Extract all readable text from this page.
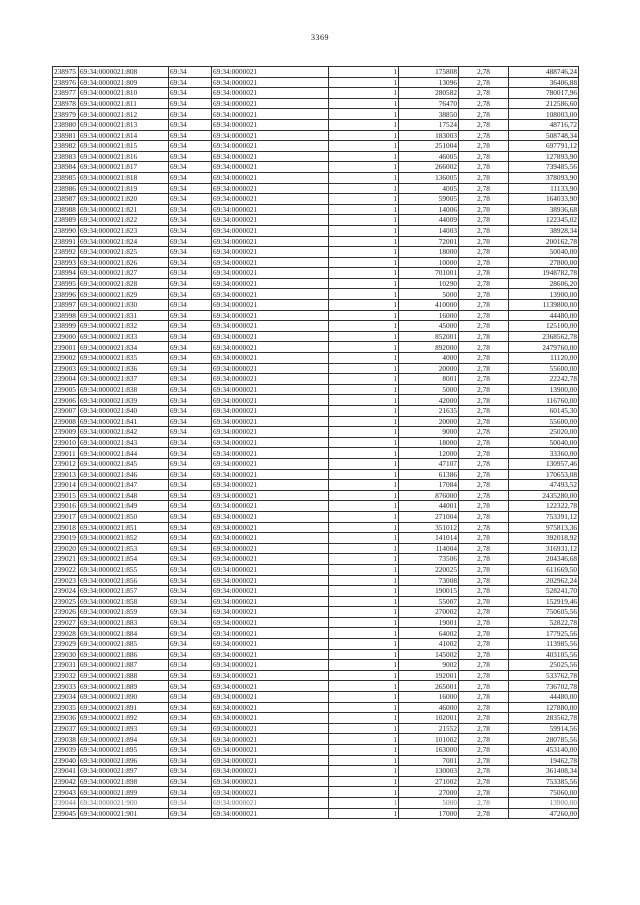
3369
238975	69:34:0000021:808	69:34	69:34:0000021	1	175808	2,78	488746,24
238976	69:34:0000021:809	69:34	69:34:0000021	1	13096	2,78	36406,88
238977	69:34:0000021:810	69:34	69:34:0000021	1	280582	2,78	780017,96
238978	69:34:0000021:811	69:34	69:34:0000021	1	76470	2,78	212586,60
238979	69:34:0000021:812	69:34	69:34:0000021	1	38850	2,78	108003,00
238980	69:34:0000021:813	69:34	69:34:0000021	1	17524	2,78	48716,72
238981	69:34:0000021:814	69:34	69:34:0000021	1	183003	2,78	508748,34
238982	69:34:0000021:815	69:34	69:34:0000021	1	251004	2,78	697791,12
238983	69:34:0000021:816	69:34	69:34:0000021	1	46005	2,78	127893,90
238984	69:34:0000021:817	69:34	69:34:0000021	1	266002	2,78	739485,56
238985	69:34:0000021:818	69:34	69:34:0000021	1	136005	2,78	378093,90
238986	69:34:0000021:819	69:34	69:34:0000021	1	4005	2,78	11133,90
238987	69:34:0000021:820	69:34	69:34:0000021	1	59005	2,78	164033,90
238988	69:34:0000021:821	69:34	69:34:0000021	1	14006	2,78	38936,68
238989	69:34:0000021:822	69:34	69:34:0000021	1	44009	2,78	122345,02
238990	69:34:0000021:823	69:34	69:34:0000021	1	14003	2,78	38928,34
238991	69:34:0000021:824	69:34	69:34:0000021	1	72001	2,78	200162,78
238992	69:34:0000021:825	69:34	69:34:0000021	1	18000	2,78	50040,00
238993	69:34:0000021:826	69:34	69:34:0000021	1	10000	2,78	27800,00
238994	69:34:0000021:827	69:34	69:34:0000021	1	701001	2,78	1948782,78
238995	69:34:0000021:828	69:34	69:34:0000021	1	10290	2,78	28606,20
238996	69:34:0000021:829	69:34	69:34:0000021	1	5000	2,78	13900,00
238997	69:34:0000021:830	69:34	69:34:0000021	1	410000	2,78	1139800,00
238998	69:34:0000021:831	69:34	69:34:0000021	1	16000	2,78	44480,00
238999	69:34:0000021:832	69:34	69:34:0000021	1	45000	2,78	125100,00
239000	69:34:0000021:833	69:34	69:34:0000021	1	852001	2,78	2368562,78
239001	69:34:0000021:834	69:34	69:34:0000021	1	892000	2,78	2479760,00
239002	69:34:0000021:835	69:34	69:34:0000021	1	4000	2,78	11120,00
239003	69:34:0000021:836	69:34	69:34:0000021	1	20000	2,78	55600,00
239004	69:34:0000021:837	69:34	69:34:0000021	1	8001	2,78	22242,78
239005	69:34:0000021:838	69:34	69:34:0000021	1	5000	2,78	13900,00
239006	69:34:0000021:839	69:34	69:34:0000021	1	42000	2,78	116760,00
239007	69:34:0000021:840	69:34	69:34:0000021	1	21635	2,78	60145,30
239008	69:34:0000021:841	69:34	69:34:0000021	1	20000	2,78	55600,00
239009	69:34:0000021:842	69:34	69:34:0000021	1	9000	2,78	25020,00
239010	69:34:0000021:843	69:34	69:34:0000021	1	18000	2,78	50040,00
239011	69:34:0000021:844	69:34	69:34:0000021	1	12000	2,78	33360,00
239012	69:34:0000021:845	69:34	69:34:0000021	1	47107	2,78	130957,46
239013	69:34:0000021:846	69:34	69:34:0000021	1	61386	2,78	170653,08
239014	69:34:0000021:847	69:34	69:34:0000021	1	17084	2,78	47493,52
239015	69:34:0000021:848	69:34	69:34:0000021	1	876000	2,78	2435280,00
239016	69:34:0000021:849	69:34	69:34:0000021	1	44001	2,78	122322,78
239017	69:34:0000021:850	69:34	69:34:0000021	1	271004	2,78	753391,12
239018	69:34:0000021:851	69:34	69:34:0000021	1	351012	2,78	975813,36
239019	69:34:0000021:852	69:34	69:34:0000021	1	141014	2,78	392018,92
239020	69:34:0000021:853	69:34	69:34:0000021	1	114004	2,78	316931,12
239021	69:34:0000021:854	69:34	69:34:0000021	1	73506	2,78	204346,68
239022	69:34:0000021:855	69:34	69:34:0000021	1	220025	2,78	611669,50
239023	69:34:0000021:856	69:34	69:34:0000021	1	73008	2,78	202962,24
239024	69:34:0000021:857	69:34	69:34:0000021	1	190015	2,78	528241,70
239025	69:34:0000021:858	69:34	69:34:0000021	1	55007	2,78	152919,46
239026	69:34:0000021:859	69:34	69:34:0000021	1	270002	2,78	750605,56
239027	69:34:0000021:883	69:34	69:34:0000021	1	19001	2,78	52822,78
239028	69:34:0000021:884	69:34	69:34:0000021	1	64002	2,78	177925,56
239029	69:34:0000021:885	69:34	69:34:0000021	1	41002	2,78	113985,56
239030	69:34:0000021:886	69:34	69:34:0000021	1	145002	2,78	403105,56
239031	69:34:0000021:887	69:34	69:34:0000021	1	9002	2,78	25025,56
239032	69:34:0000021:888	69:34	69:34:0000021	1	192001	2,78	533762,78
239033	69:34:0000021:889	69:34	69:34:0000021	1	265001	2,78	736702,78
239034	69:34:0000021:890	69:34	69:34:0000021	1	16000	2,78	44480,00
239035	69:34:0000021:891	69:34	69:34:0000021	1	46000	2,78	127880,00
239036	69:34:0000021:892	69:34	69:34:0000021	1	102001	2,78	283562,78
239037	69:34:0000021:893	69:34	69:34:0000021	1	21552	2,78	59914,56
239038	69:34:0000021:894	69:34	69:34:0000021	1	101002	2,78	280785,56
239039	69:34:0000021:895	69:34	69:34:0000021	1	163000	2,78	453140,00
239040	69:34:0000021:896	69:34	69:34:0000021	1	7001	2,78	19462,78
239041	69:34:0000021:897	69:34	69:34:0000021	1	130003	2,78	361408,34
239042	69:34:0000021:898	69:34	69:34:0000021	1	271002	2,78	753385,56
239043	69:34:0000021:899	69:34	69:34:0000021	1	27000	2,78	75060,00
239044	69:34:0000021:900	69:34	69:34:0000021	1	5000	2,78	13900,00
239045	69:34:0000021:901	69:34	69:34:0000021	1	17000	2,78	47260,00
